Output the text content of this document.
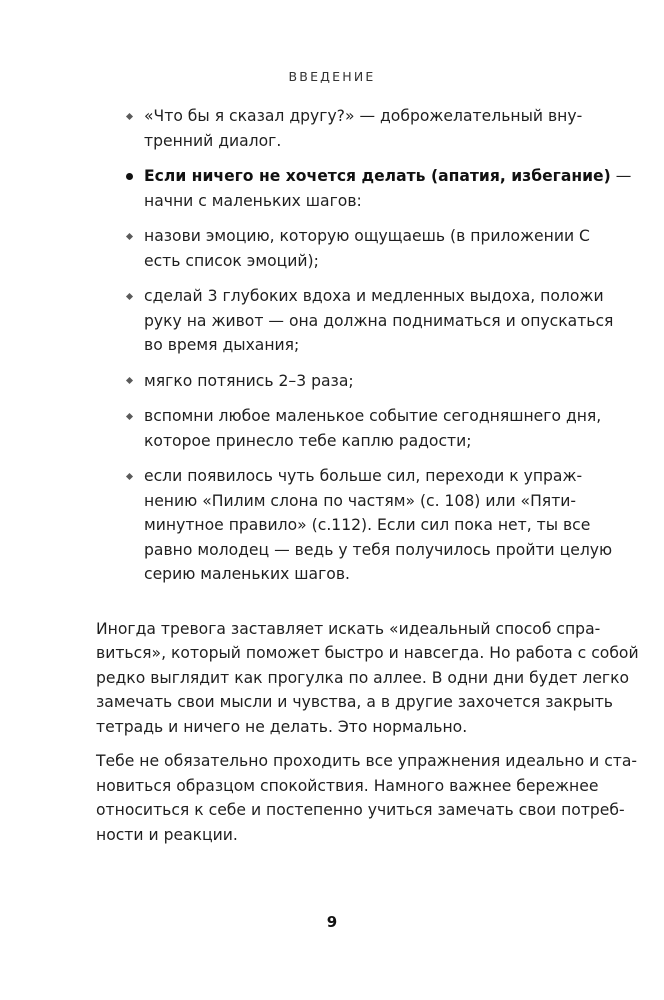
ВВЕДЕНИЕ
«Что бы я сказал другу?» — доброжелательный вну-
тренний диалог.
Если ничего не хочется делать (апатия, избегание) —
начни с маленьких шагов:
назови эмоцию, которую ощущаешь (в приложении С
есть список эмоций);
сделай 3 глубоких вдоха и медленных выдоха, положи
руку на живот — она должна подниматься и опускаться
во время дыхания;
мягко потянись 2–3 раза;
вспомни любое маленькое событие сегодняшнего дня,
которое принесло тебе каплю радости;
если появилось чуть больше сил, переходи к упраж-
нению «Пилим слона по частям» (с. 108) или «Пяти-
минутное правило» (с.112). Если сил пока нет, ты все
равно молодец — ведь у тебя получилось пройти целую
серию маленьких шагов.
Иногда тревога заставляет искать «идеальный способ спра-
виться», который поможет быстро и навсегда. Но работа с собой
редко выглядит как прогулка по аллее. В одни дни будет легко
замечать свои мысли и чувства, а в другие захочется закрыть
тетрадь и ничего не делать. Это нормально.
Тебе не обязательно проходить все упражнения идеально и ста-
новиться образцом спокойствия. Намного важнее бережнее
относиться к себе и постепенно учиться замечать свои потреб-
ности и реакции.
9
